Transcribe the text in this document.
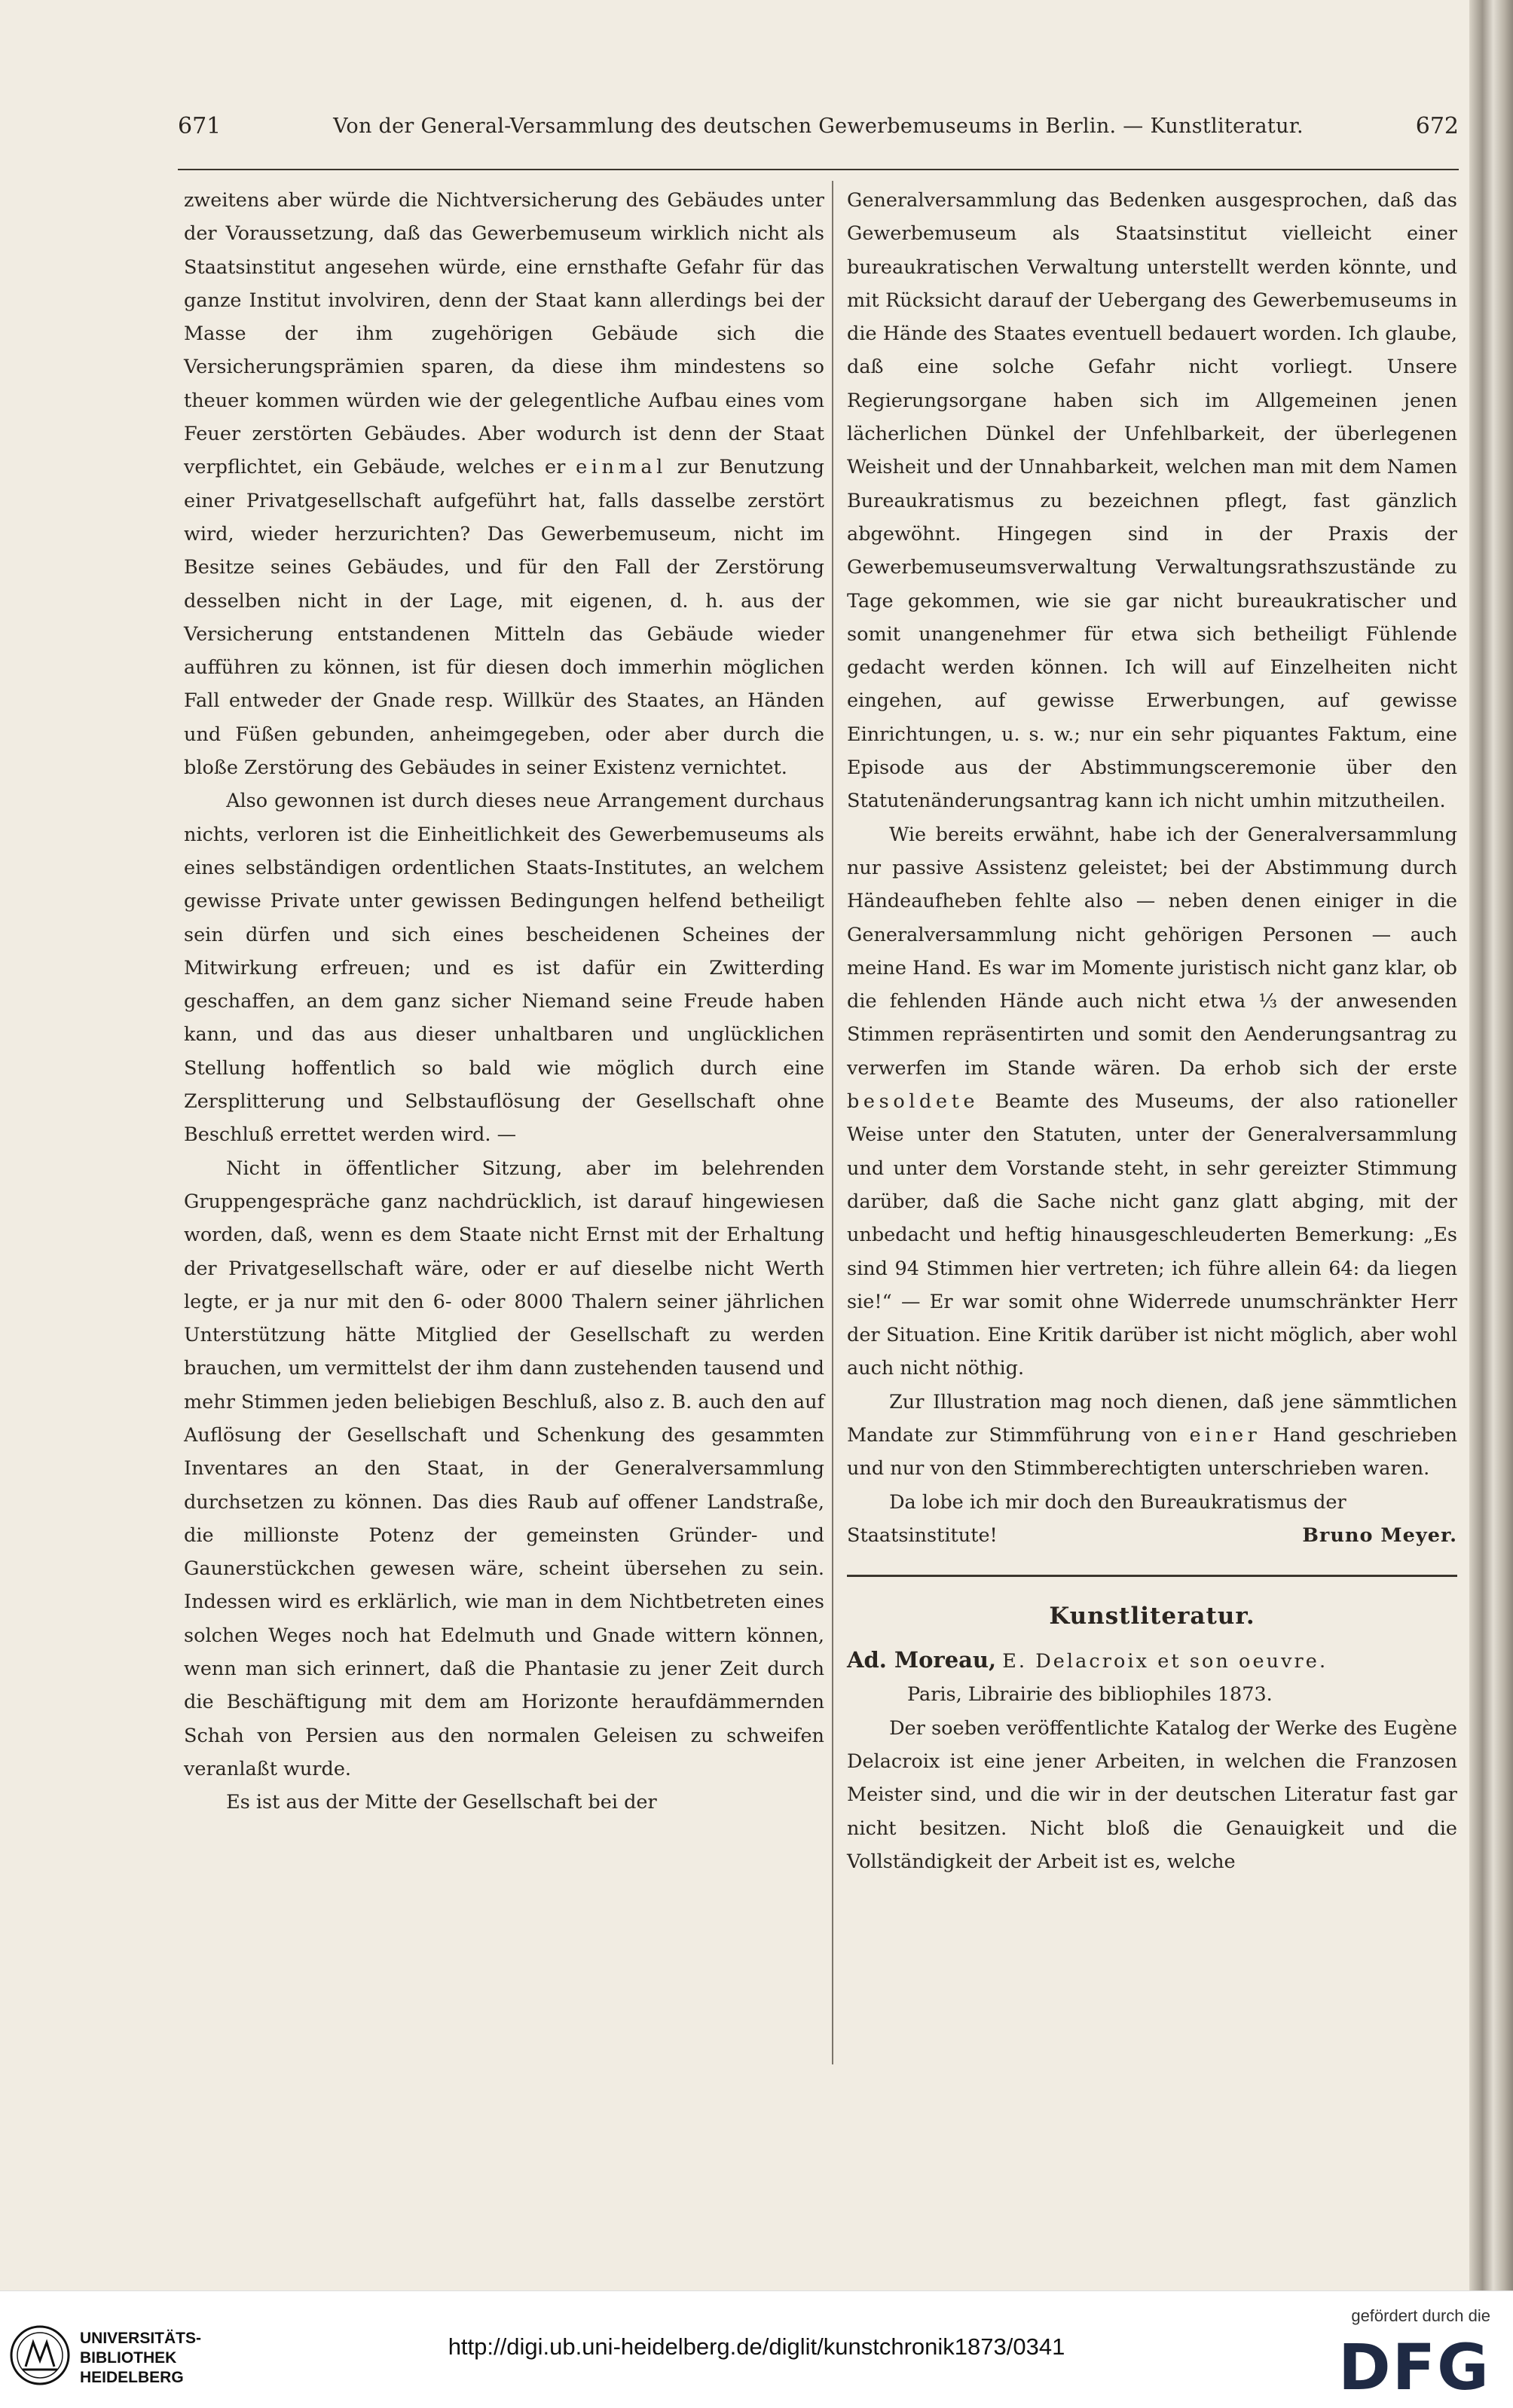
671	Von der General-Versammlung des deutschen Gewerbemuseums in Berlin. — Kunstliteratur.	672

zweitens aber würde die Nichtversicherung des Gebäudes unter der Voraussetzung, daß das Gewerbemuseum wirklich nicht als Staatsinstitut angesehen würde, eine ernsthafte Gefahr für das ganze Institut involviren, denn der Staat kann allerdings bei der Masse der ihm zugehörigen Gebäude sich die Versicherungsprämien sparen, da diese ihm mindestens so theuer kommen würden wie der gelegentliche Aufbau eines vom Feuer zerstörten Gebäudes. Aber wodurch ist denn der Staat verpflichtet, ein Gebäude, welches er einmal zur Benutzung einer Privatgesellschaft aufgeführt hat, falls dasselbe zerstört wird, wieder herzurichten? Das Gewerbemuseum, nicht im Besitze seines Gebäudes, und für den Fall der Zerstörung desselben nicht in der Lage, mit eigenen, d. h. aus der Versicherung entstandenen Mitteln das Gebäude wieder aufführen zu können, ist für diesen doch immerhin möglichen Fall entweder der Gnade resp. Willkür des Staates, an Händen und Füßen gebunden, anheimgegeben, oder aber durch die bloße Zerstörung des Gebäudes in seiner Existenz vernichtet.

Also gewonnen ist durch dieses neue Arrangement durchaus nichts, verloren ist die Einheitlichkeit des Gewerbemuseums als eines selbständigen ordentlichen Staats-Institutes, an welchem gewisse Private unter gewissen Bedingungen helfend betheiligt sein dürfen und sich eines bescheidenen Scheines der Mitwirkung erfreuen; und es ist dafür ein Zwitterding geschaffen, an dem ganz sicher Niemand seine Freude haben kann, und das aus dieser unhaltbaren und unglücklichen Stellung hoffentlich so bald wie möglich durch eine Zersplitterung und Selbstauflösung der Gesellschaft ohne Beschluß errettet werden wird. —

Nicht in öffentlicher Sitzung, aber im belehrenden Gruppengespräche ganz nachdrücklich, ist darauf hingewiesen worden, daß, wenn es dem Staate nicht Ernst mit der Erhaltung der Privatgesellschaft wäre, oder er auf dieselbe nicht Werth legte, er ja nur mit den 6- oder 8000 Thalern seiner jährlichen Unterstützung hätte Mitglied der Gesellschaft zu werden brauchen, um vermittelst der ihm dann zustehenden tausend und mehr Stimmen jeden beliebigen Beschluß, also z. B. auch den auf Auflösung der Gesellschaft und Schenkung des gesammten Inventares an den Staat, in der Generalversammlung durchsetzen zu können. Das dies Raub auf offener Landstraße, die millionste Potenz der gemeinsten Gründer- und Gaunerstückchen gewesen wäre, scheint übersehen zu sein. Indessen wird es erklärlich, wie man in dem Nichtbetreten eines solchen Weges noch hat Edelmuth und Gnade wittern können, wenn man sich erinnert, daß die Phantasie zu jener Zeit durch die Beschäftigung mit dem am Horizonte heraufdämmernden Schah von Persien aus den normalen Geleisen zu schweifen veranlaßt wurde.

Es ist aus der Mitte der Gesellschaft bei der

Generalversammlung das Bedenken ausgesprochen, daß das Gewerbemuseum als Staatsinstitut vielleicht einer bureaukratischen Verwaltung unterstellt werden könnte, und mit Rücksicht darauf der Uebergang des Gewerbemuseums in die Hände des Staates eventuell bedauert worden. Ich glaube, daß eine solche Gefahr nicht vorliegt. Unsere Regierungsorgane haben sich im Allgemeinen jenen lächerlichen Dünkel der Unfehlbarkeit, der überlegenen Weisheit und der Unnahbarkeit, welchen man mit dem Namen Bureaukratismus zu bezeichnen pflegt, fast gänzlich abgewöhnt. Hingegen sind in der Praxis der Gewerbemuseumsverwaltung Verwaltungsrathszustände zu Tage gekommen, wie sie gar nicht bureaukratischer und somit unangenehmer für etwa sich betheiligt Fühlende gedacht werden können. Ich will auf Einzelheiten nicht eingehen, auf gewisse Erwerbungen, auf gewisse Einrichtungen, u. s. w.; nur ein sehr piquantes Faktum, eine Episode aus der Abstimmungsceremonie über den Statutenänderungsantrag kann ich nicht umhin mitzutheilen.

Wie bereits erwähnt, habe ich der Generalversammlung nur passive Assistenz geleistet; bei der Abstimmung durch Händeaufheben fehlte also — neben denen einiger in die Generalversammlung nicht gehörigen Personen — auch meine Hand. Es war im Momente juristisch nicht ganz klar, ob die fehlenden Hände auch nicht etwa ⅓ der anwesenden Stimmen repräsentirten und somit den Aenderungsantrag zu verwerfen im Stande wären. Da erhob sich der erste besoldete Beamte des Museums, der also rationeller Weise unter den Statuten, unter der Generalversammlung und unter dem Vorstande steht, in sehr gereizter Stimmung darüber, daß die Sache nicht ganz glatt abging, mit der unbedacht und heftig hinausgeschleuderten Bemerkung: „Es sind 94 Stimmen hier vertreten; ich führe allein 64: da liegen sie!“ — Er war somit ohne Widerrede unumschränkter Herr der Situation. Eine Kritik darüber ist nicht möglich, aber wohl auch nicht nöthig.

Zur Illustration mag noch dienen, daß jene sämmtlichen Mandate zur Stimmführung von einer Hand geschrieben und nur von den Stimmberechtigten unterschrieben waren.

Da lobe ich mir doch den Bureaukratismus der

Staatsinstitute!	Bruno Meyer.
Kunstliteratur.

Ad. Moreau, E. Delacroix et son oeuvre.
Paris, Librairie des bibliophiles 1873.

Der soeben veröffentlichte Katalog der Werke des Eugène Delacroix ist eine jener Arbeiten, in welchen die Franzosen Meister sind, und die wir in der deutschen Literatur fast gar nicht besitzen. Nicht bloß die Genauigkeit und die Vollständigkeit der Arbeit ist es, welche

UNIVERSITÄTS-BIBLIOTHEK HEIDELBERG
http://digi.ub.uni-heidelberg.de/diglit/kunstchronik1873/0341
gefördert durch die
DFG
